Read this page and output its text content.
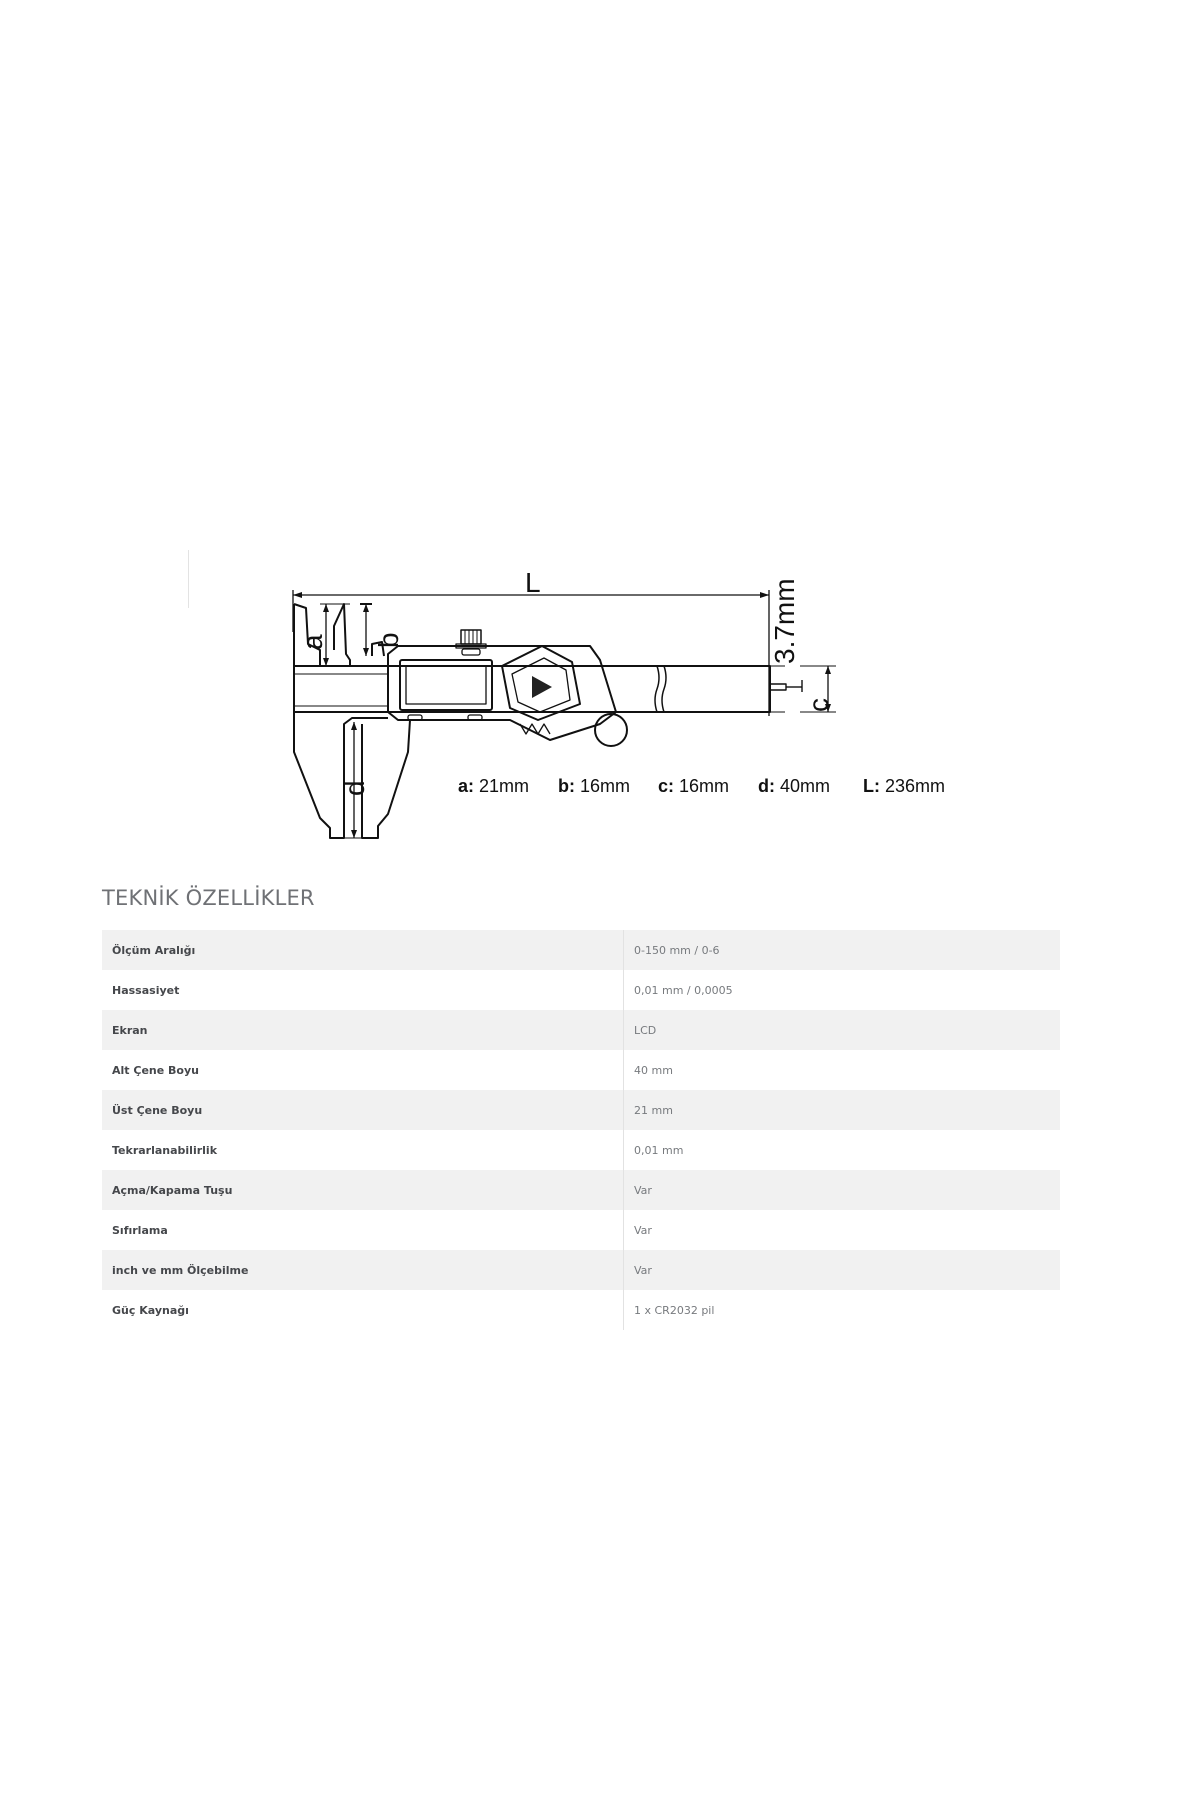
L
a b
c
d
3.7mm
a: 21mm b: 16mm c: 16mm d: 40mm L: 236mm
TEKNİK ÖZELLİKLER
Ölçüm Aralığı	0-150 mm / 0-6
Hassasiyet	0,01 mm / 0,0005
Ekran	LCD
Alt Çene Boyu	40 mm
Üst Çene Boyu	21 mm
Tekrarlanabilirlik	0,01 mm
Açma/Kapama Tuşu	Var
Sıfırlama	Var
inch ve mm Ölçebilme	Var
Güç Kaynağı	1 x CR2032 pil
